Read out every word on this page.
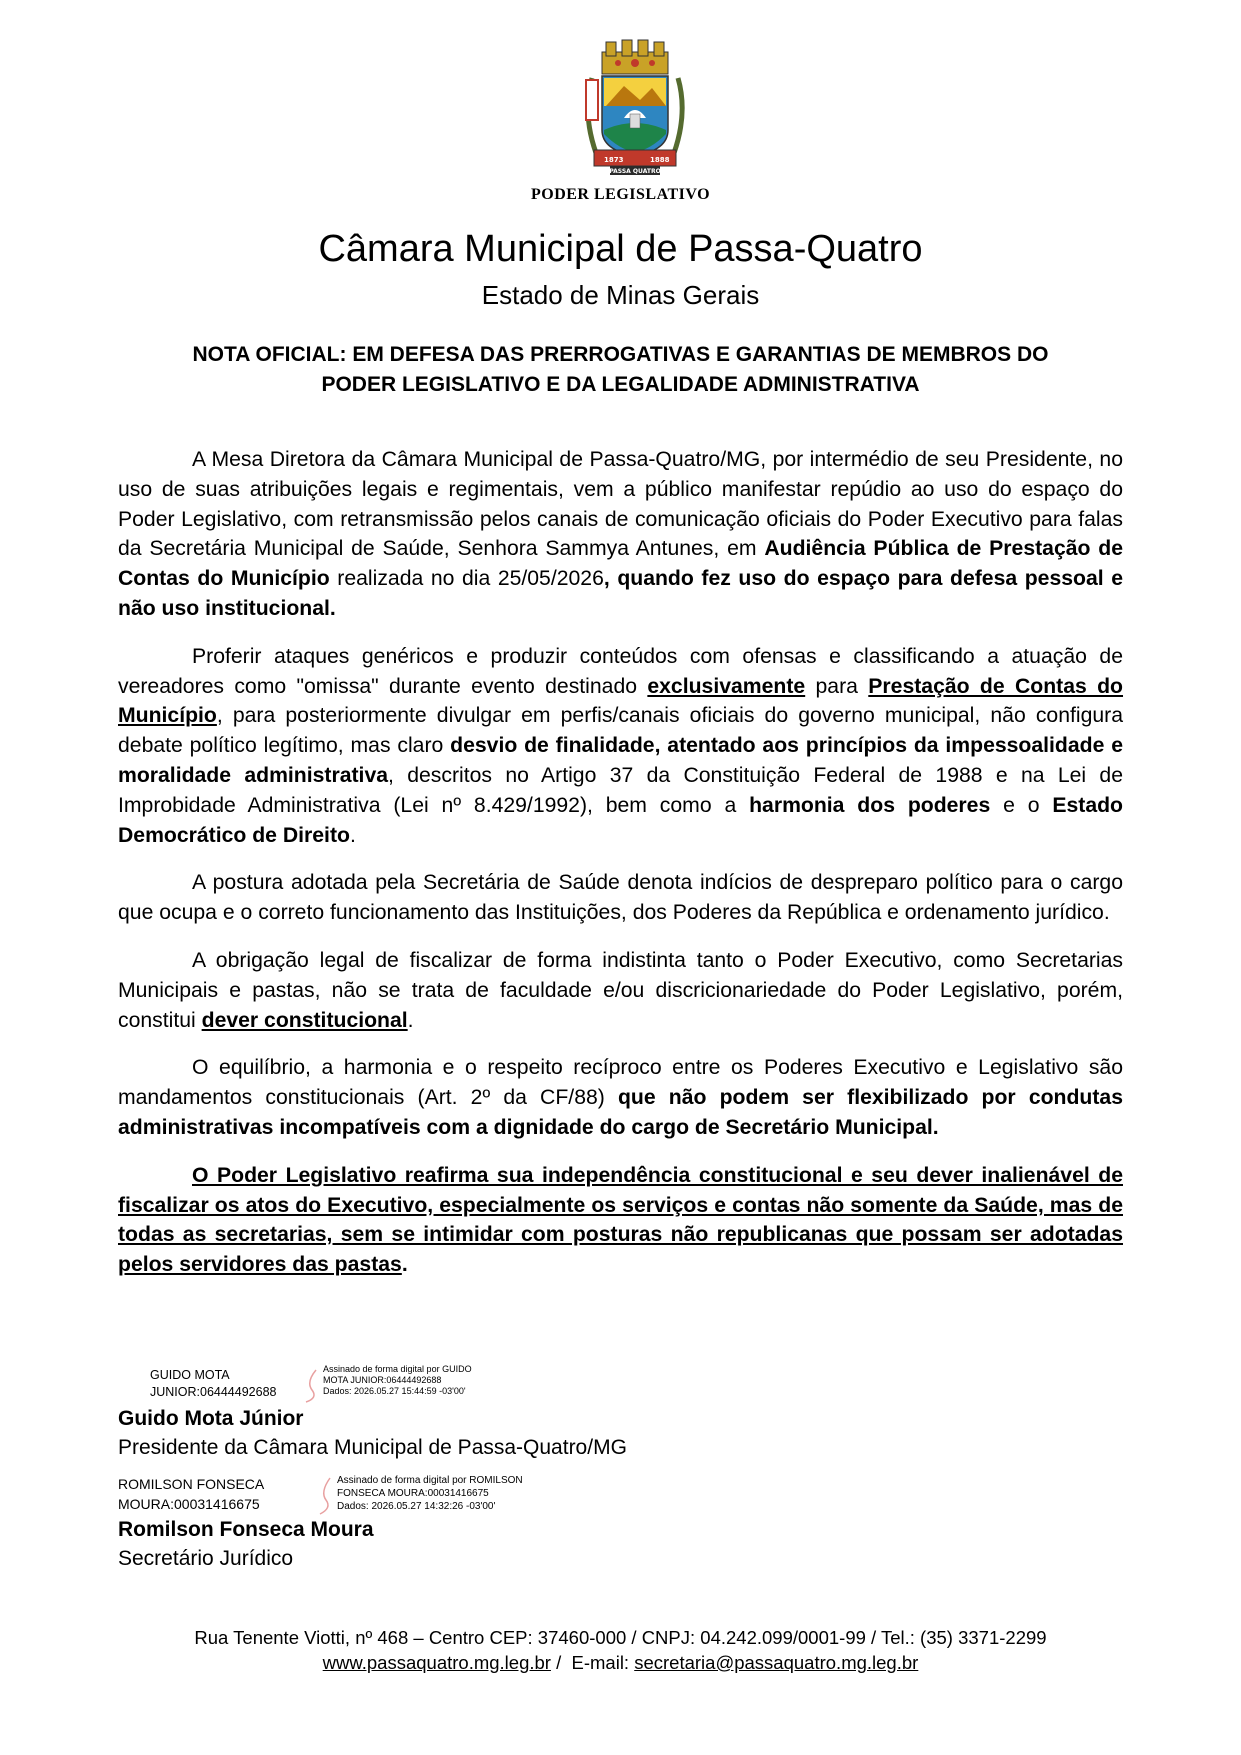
1873	1888
PASSA QUATRO
PODER LEGISLATIVO
Câmara Municipal de Passa-Quatro
Estado de Minas Gerais
NOTA OFICIAL: EM DEFESA DAS PRERROGATIVAS E GARANTIAS DE MEMBROS DO
PODER LEGISLATIVO E DA LEGALIDADE ADMINISTRATIVA

A Mesa Diretora da Câmara Municipal de Passa-Quatro/MG, por intermédio de seu Presidente, no uso de suas atribuições legais e regimentais, vem a público manifestar repúdio ao uso do espaço do Poder Legislativo, com retransmissão pelos canais de comunicação oficiais do Poder Executivo para falas da Secretária Municipal de Saúde, Senhora Sammya Antunes, em Audiência Pública de Prestação de Contas do Município realizada no dia 25/05/2026, quando fez uso do espaço para defesa pessoal e não uso institucional.

Proferir ataques genéricos e produzir conteúdos com ofensas e classificando a atuação de vereadores como "omissa" durante evento destinado exclusivamente para Prestação de Contas do Município, para posteriormente divulgar em perfis/canais oficiais do governo municipal, não configura debate político legítimo, mas claro desvio de finalidade, atentado aos princípios da impessoalidade e moralidade administrativa, descritos no Artigo 37 da Constituição Federal de 1988 e na Lei de Improbidade Administrativa (Lei nº 8.429/1992), bem como a harmonia dos poderes e o Estado Democrático de Direito.

A postura adotada pela Secretária de Saúde denota indícios de despreparo político para o cargo que ocupa e o correto funcionamento das Instituições, dos Poderes da República e ordenamento jurídico.

A obrigação legal de fiscalizar de forma indistinta tanto o Poder Executivo, como Secretarias Municipais e pastas, não se trata de faculdade e/ou discricionariedade do Poder Legislativo, porém, constitui dever constitucional.

O equilíbrio, a harmonia e o respeito recíproco entre os Poderes Executivo e Legislativo são mandamentos constitucionais (Art. 2º da CF/88) que não podem ser flexibilizado por condutas administrativas incompatíveis com a dignidade do cargo de Secretário Municipal.

O Poder Legislativo reafirma sua independência constitucional e seu dever inalienável de fiscalizar os atos do Executivo, especialmente os serviços e contas não somente da Saúde, mas de todas as secretarias, sem se intimidar com posturas não republicanas que possam ser adotadas pelos servidores das pastas.

GUIDO MOTA
JUNIOR:06444492688
Assinado de forma digital por GUIDO
MOTA JUNIOR:06444492688
Dados: 2026.05.27 15:44:59 -03'00'
Guido Mota Júnior
Presidente da Câmara Municipal de Passa-Quatro/MG
ROMILSON FONSECA
MOURA:00031416675
Assinado de forma digital por ROMILSON
FONSECA MOURA:00031416675
Dados: 2026.05.27 14:32:26 -03'00'
Romilson Fonseca Moura
Secretário Jurídico
Rua Tenente Viotti, nº 468 – Centro CEP: 37460-000 / CNPJ: 04.242.099/0001-99 / Tel.: (35) 3371-2299
www.passaquatro.mg.leg.br /  E-mail: secretaria@passaquatro.mg.leg.br
